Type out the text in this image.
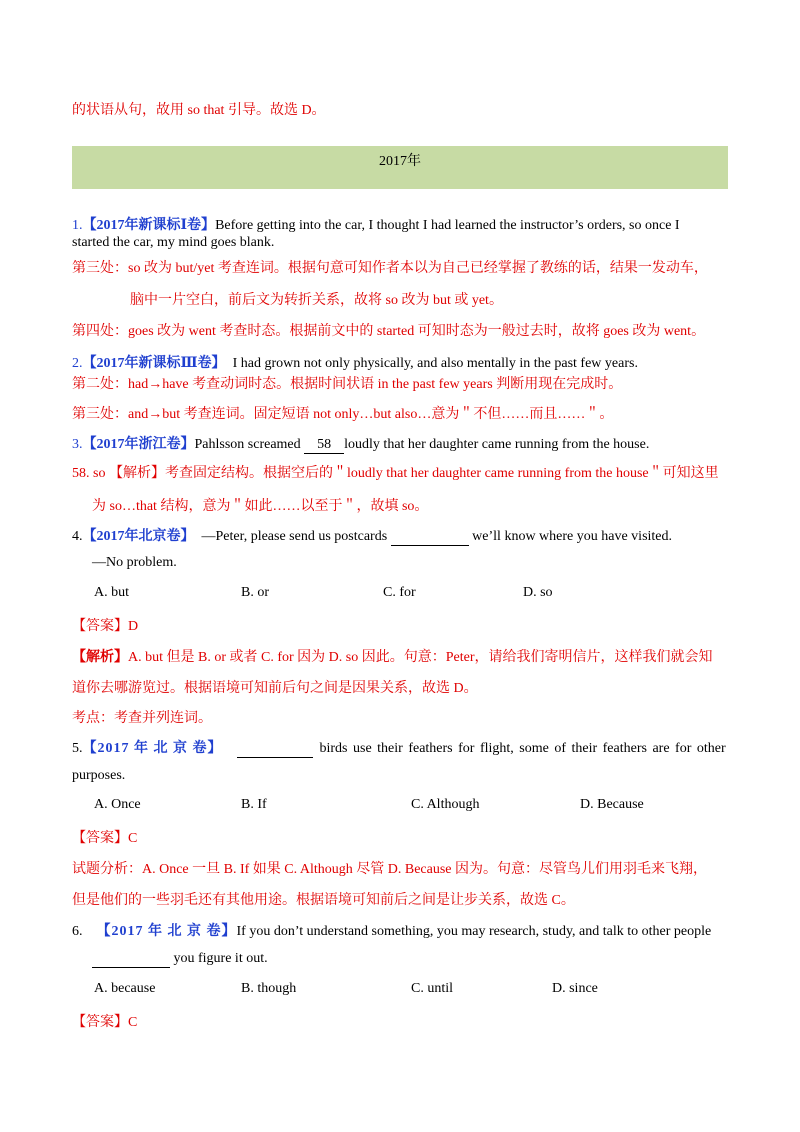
的状语从句，故用 so that 引导。故选 D。
2017年
1.【2017年新课标Ⅰ卷】Before getting into the car, I thought I had learned the instructor’s orders, so once I
started the car, my mind goes blank.
第三处：so 改为 but/yet 考查连词。根据句意可知作者本以为自己已经掌握了教练的话，结果一发动车，
脑中一片空白，前后文为转折关系，故将 so 改为 but 或 yet。
第四处：goes 改为 went 考查时态。根据前文中的 started 可知时态为一般过去时，故将 goes 改为 went。
2.【2017年新课标Ⅲ卷】 I had grown not only physically, and also mentally in the past few years.
第二处：had→have 考查动词时态。根据时间状语 in the past few years 判断用现在完成时。
第三处：and→but 考查连词。固定短语 not only…but also…意为＂不但……而且……＂。
3.【2017年浙江卷】Pahlsson screamed 58 loudly that her daughter came running from the house.
58. so 【解析】考查固定结构。根据空后的＂loudly that her daughter came running from the house＂可知这里
为 so…that 结构，意为＂如此……以至于＂，故填 so。
4.【2017年北京卷】 —Peter, please send us postcards	we’ll know where you have visited.
—No problem.
A. but	B. or	C. for	D. so
【答案】D
【解析】A. but 但是 B. or 或者 C. for 因为 D. so 因此。句意：Peter，请给我们寄明信片，这样我们就会知
道你去哪游览过。根据语境可知前后句之间是因果关系，故选 D。
考点：考查并列连词。
5.【2017 年 北 京 卷】	birds use their feathers for flight, some of their feathers are for other
purposes.
A. Once	B. If	C. Although	D. Because
【答案】C
试题分析：A. Once 一旦 B. If 如果 C. Although 尽管 D. Because 因为。句意：尽管鸟儿们用羽毛来飞翔，
但是他们的一些羽毛还有其他用途。根据语境可知前后之间是让步关系，故选 C。
6. 【2017 年 北 京 卷】If you don’t understand something, you may research, study, and talk to other people
you figure it out.
A. because	B. though	C. until	D. since
【答案】C
